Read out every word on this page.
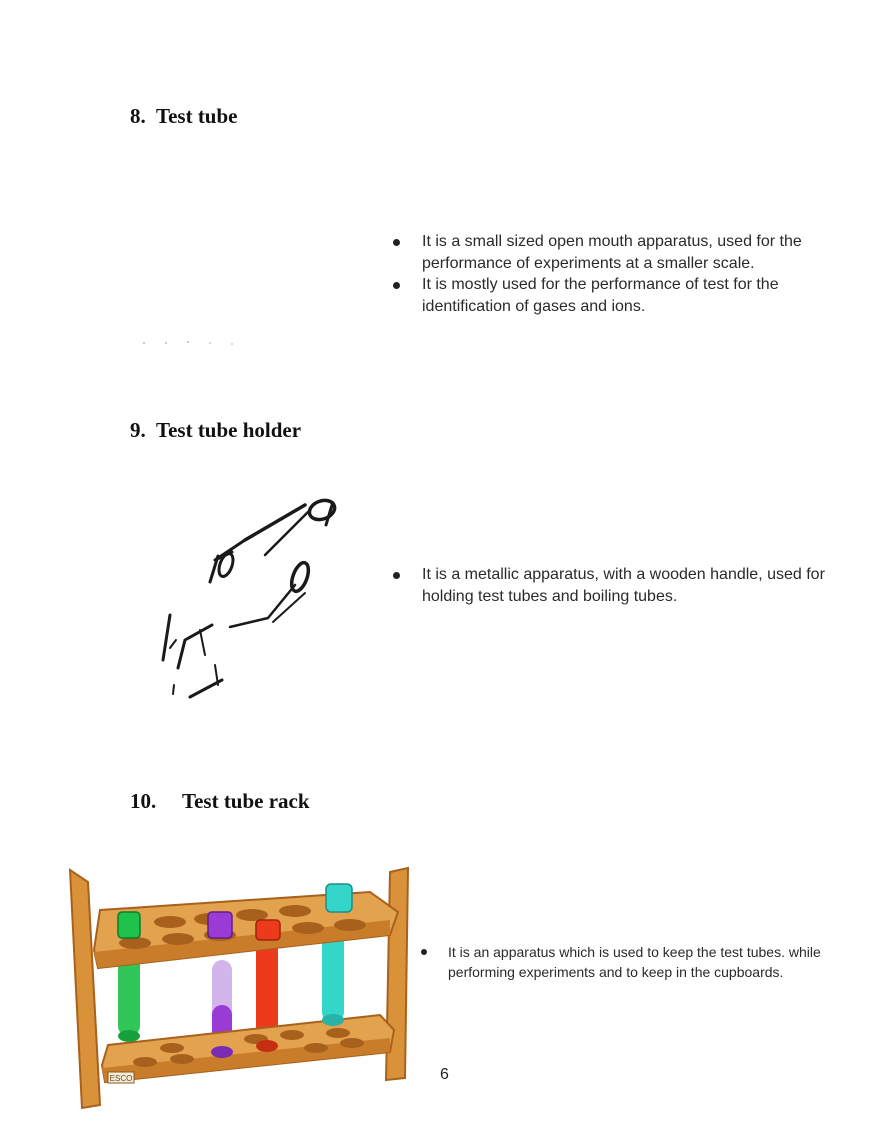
8. Test tube
It is a small sized open mouth apparatus, used for the performance of experiments at a smaller scale.
It is mostly used for the performance of test for the identification of gases and ions.
9. Test tube holder
It is a metallic apparatus, with a wooden handle, used for holding test tubes and boiling tubes.
10. Test tube rack
ESCO
It is an apparatus which is used to keep the test tubes. while performing experiments and to keep in the cupboards.
6
